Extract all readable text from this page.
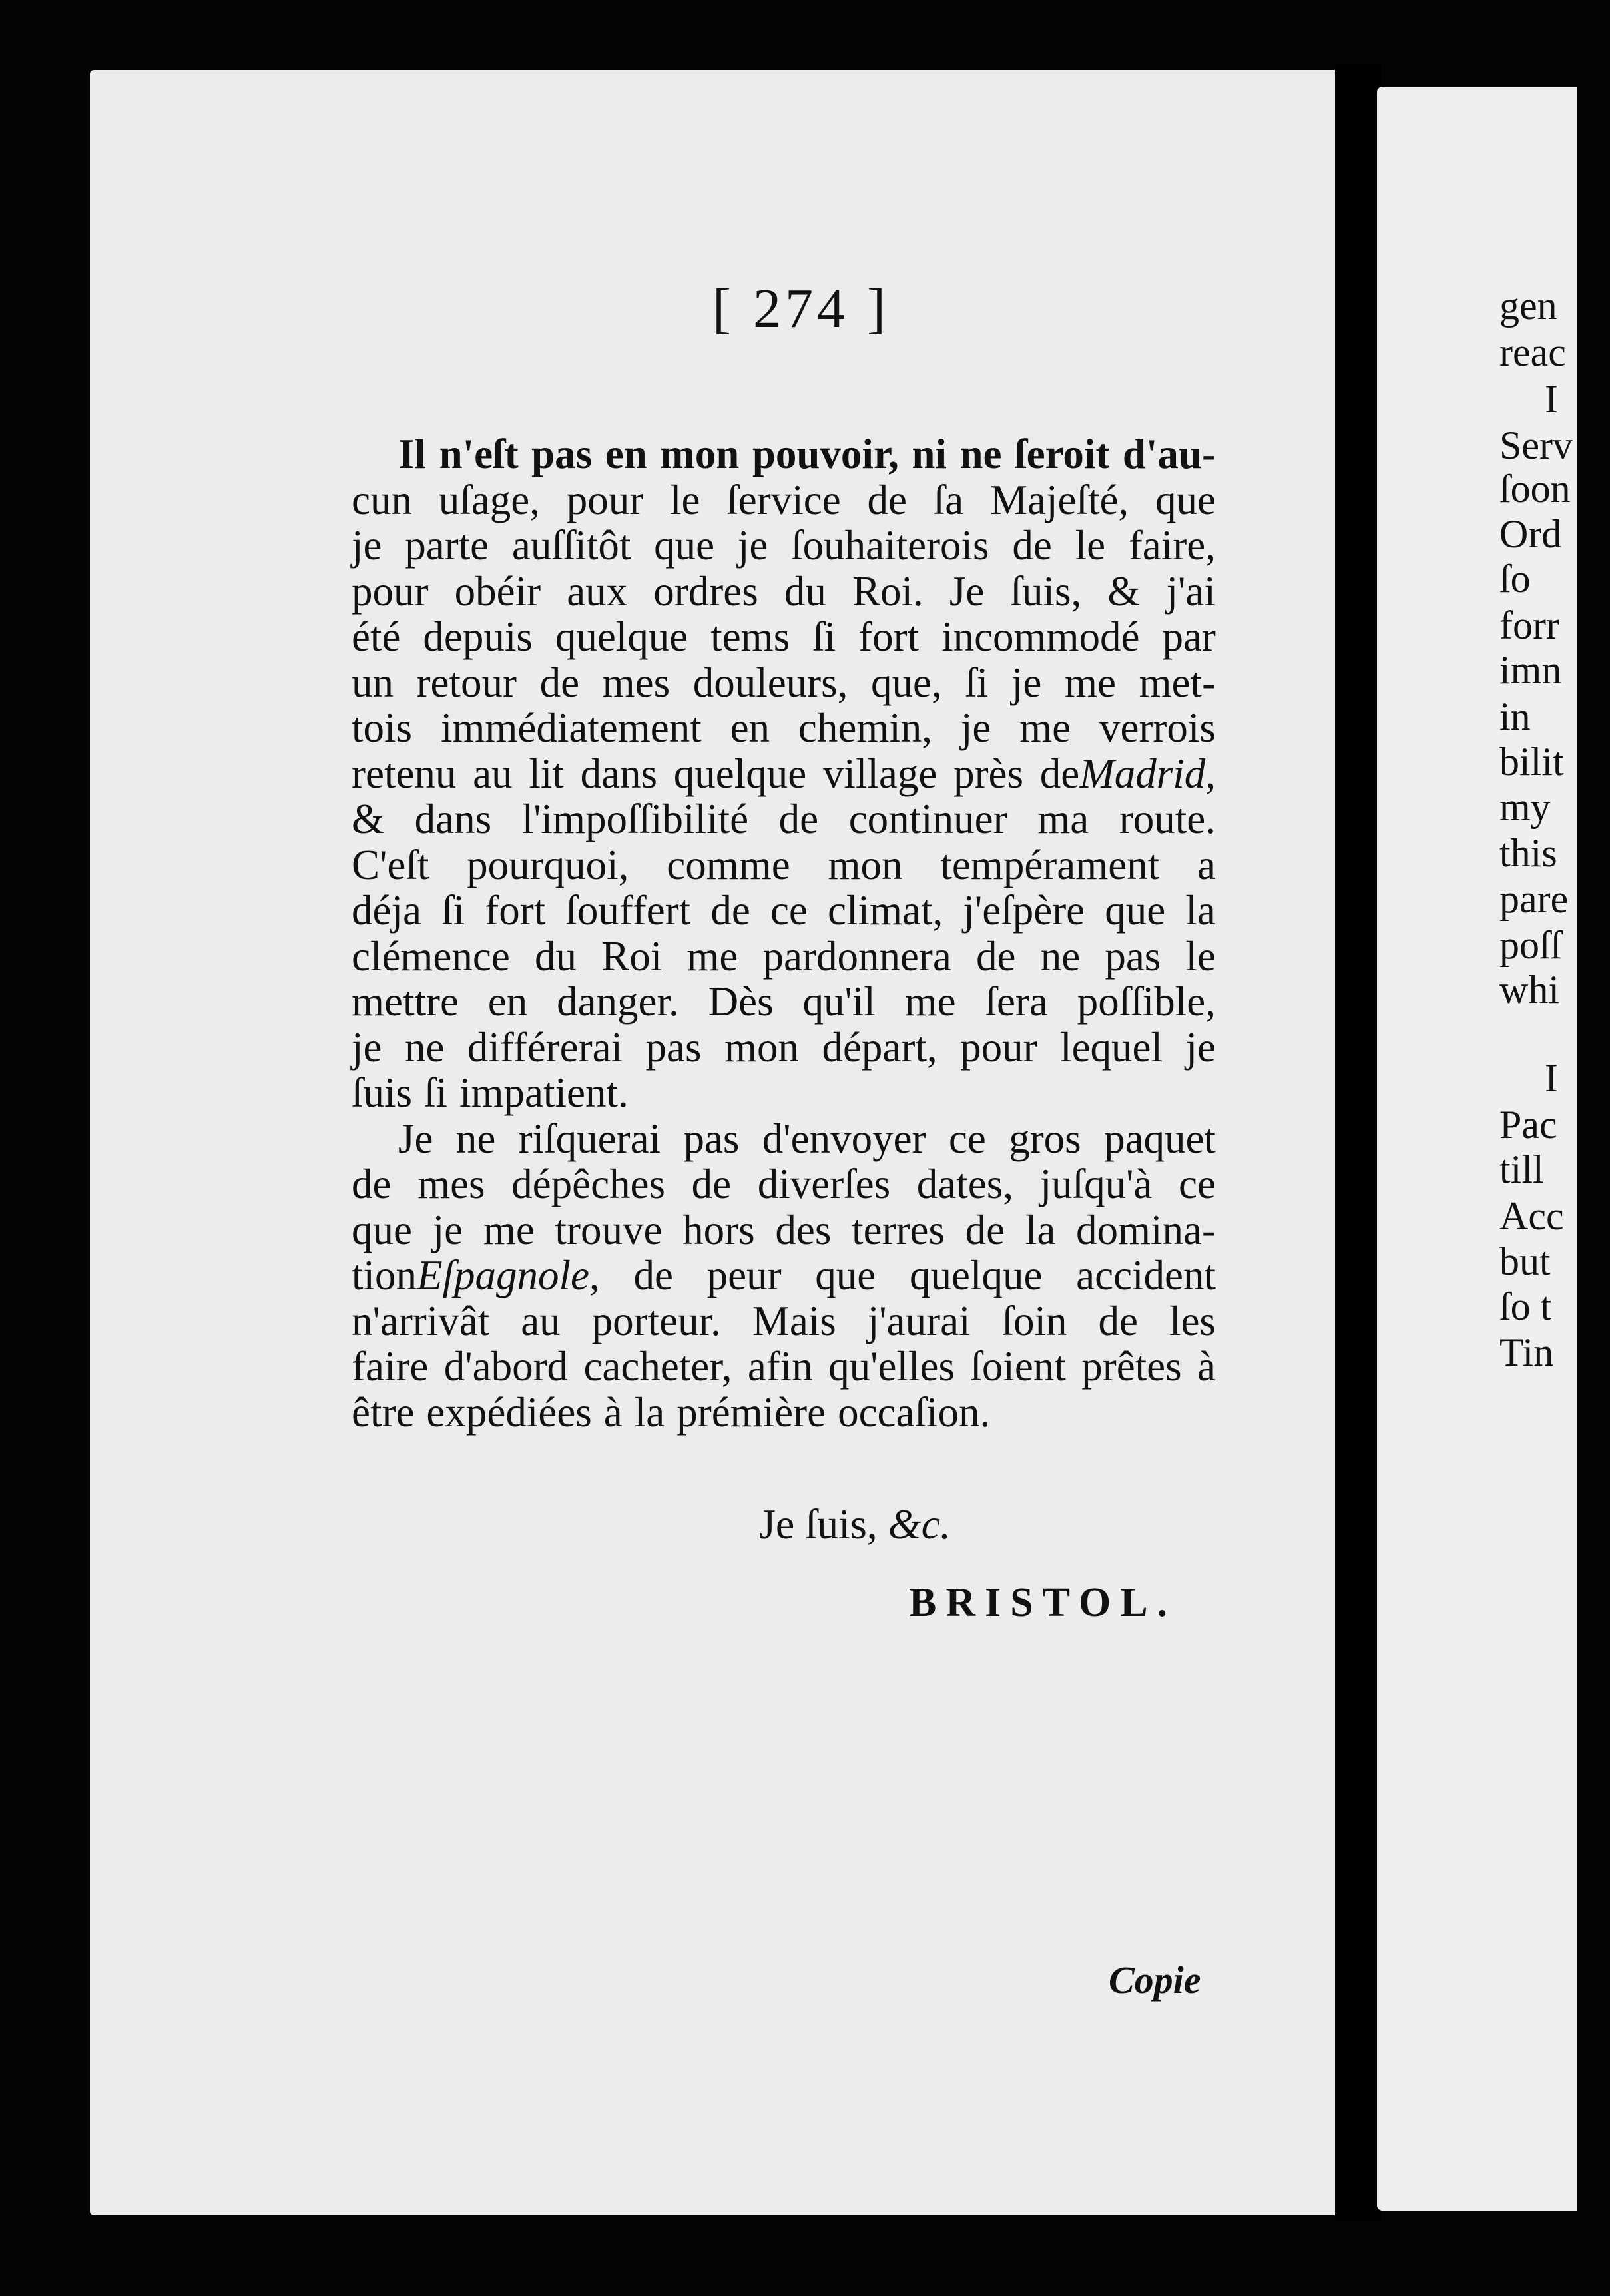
[ 274 ]
Il n'eſt pas en mon pouvoir, ni ne ſeroit d'au-
cun uſage, pour le ſervice de ſa Majeſté, que
je parte auſſitôt que je ſouhaiterois de le faire,
pour obéir aux ordres du Roi. Je ſuis, & j'ai
été depuis quelque tems ſi fort incommodé par
un retour de mes douleurs, que, ſi je me met-
tois immédiatement en chemin, je me verrois
retenu au lit dans quelque village près deMadrid,
& dans l'impoſſibilité de continuer ma route.
C'eſt pourquoi, comme mon tempérament a
déja ſi fort ſouffert de ce climat, j'eſpère que la
clémence du Roi me pardonnera de ne pas le
mettre en danger. Dès qu'il me ſera poſſible,
je ne différerai pas mon départ, pour lequel je
ſuis ſi impatient.
Je ne riſquerai pas d'envoyer ce gros paquet
de mes dépêches de diverſes dates, juſqu'à ce
que je me trouve hors des terres de la domina-
tionEſpagnole, de peur que quelque accident
n'arrivât au porteur. Mais j'aurai ſoin de les
faire d'abord cacheter, afin qu'elles ſoient prêtes à
être expédiées à la prémière occaſion.
Je ſuis, &c.
BRISTOL.
Copie
gen
reac
I
Serv
ſoon
Ord
ſo
forr
imn
in
bilit
my
this
pare
poſſ
whi
I
Pac
till
Acc
but
ſo t
Tin
